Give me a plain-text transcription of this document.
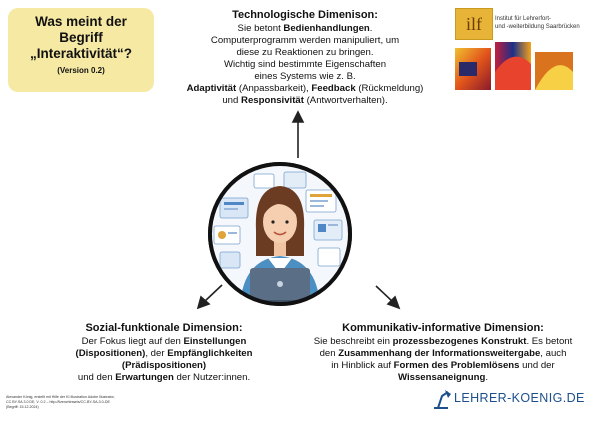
Was meint der
Begriff
„Interaktivität“?
(Version 0.2)
Technologische Dimenison:

Sie betont Bedienhandlungen.
Computerprogramm werden manipuliert, um
diese zu Reaktionen zu bringen.
Wichtig sind bestimmte Eigenschaften
eines Systems wie z. B.
Adaptivität (Anpassbarkeit), Feedback (Rückmeldung)
und Responsivität (Antwortverhalten).

ilf	Institut für Lehrerfort-
und -weiterbildung Saarbrücken
Sozial-funktionale Dimension:

Der Fokus liegt auf den Einstellungen
(Dispositionen), der Empfänglichkeiten
(Prädispositionen)
und den Erwartungen der Nutzer:innen.

Kommunikativ-informative Dimension:

Sie beschreibt ein prozessbezogenes Konstrukt. Es betont
den Zusammenhang der Informationsweitergabe, auch
in Hinblick auf Formen des Problemlösens und der
Wissensaneignung.

Alexander König, erstellt mit Hilfe der KI Illustration Adobe Illustrator,
CC BY-SA 3.0 DE, V. 0.2 – http://lizenzhinweis/CC-BY-SA-3.0-DE
(Begriff: 15.12.2024)
LEHRER-KOENIG.DE
